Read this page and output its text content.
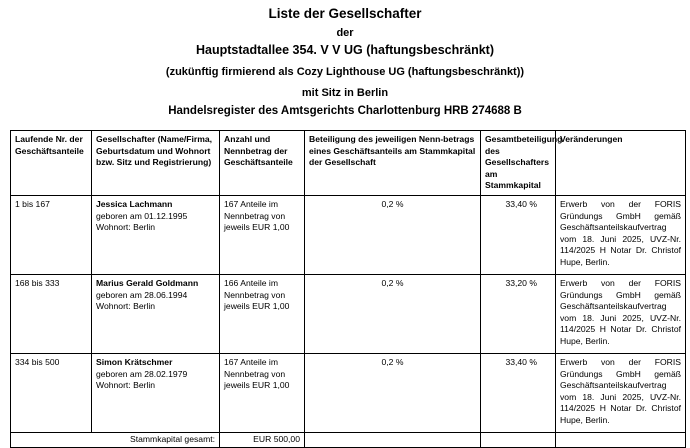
Liste der Gesellschafter
der
Hauptstadtallee 354. V V UG (haftungsbeschränkt)
(zukünftig firmierend als Cozy Lighthouse UG (haftungsbeschränkt))
mit Sitz in Berlin
Handelsregister des Amtsgerichts Charlottenburg HRB 274688 B
Laufende Nr. der Geschäftsanteile	Gesellschafter (Name/Firma, Geburtsdatum und Wohnort bzw. Sitz und Registrierung)	Anzahl und Nennbetrag der Geschäftsanteile	Beteiligung des jeweiligen Nenn-betrags eines Geschäftsanteils am Stammkapital der Gesellschaft	Gesamtbeteiligung des Gesellschafters am Stammkapital	Veränderungen
1 bis 167	Jessica Lachmann
geboren am 01.12.1995
Wohnort: Berlin	167 Anteile im Nennbetrag von jeweils EUR 1,00	0,2 %	33,40 %	Erwerb von der FORIS Gründungs GmbH gemäß Geschäftsanteilskaufvertrag vom 18. Juni 2025, UVZ-Nr. 114/2025 H Notar Dr. Christof Hupe, Berlin.
168 bis 333	Marius Gerald Goldmann
geboren am 28.06.1994
Wohnort: Berlin	166 Anteile im Nennbetrag von jeweils EUR 1,00	0,2 %	33,20 %	Erwerb von der FORIS Gründungs GmbH gemäß Geschäftsanteilskaufvertrag vom 18. Juni 2025, UVZ-Nr. 114/2025 H Notar Dr. Christof Hupe, Berlin.
334 bis 500	Simon Krätschmer
geboren am 28.02.1979
Wohnort: Berlin	167 Anteile im Nennbetrag von jeweils EUR 1,00	0,2 %	33,40 %	Erwerb von der FORIS Gründungs GmbH gemäß Geschäftsanteilskaufvertrag vom 18. Juni 2025, UVZ-Nr. 114/2025 H Notar Dr. Christof Hupe, Berlin.
Stammkapital gesamt:		EUR 500,00			
